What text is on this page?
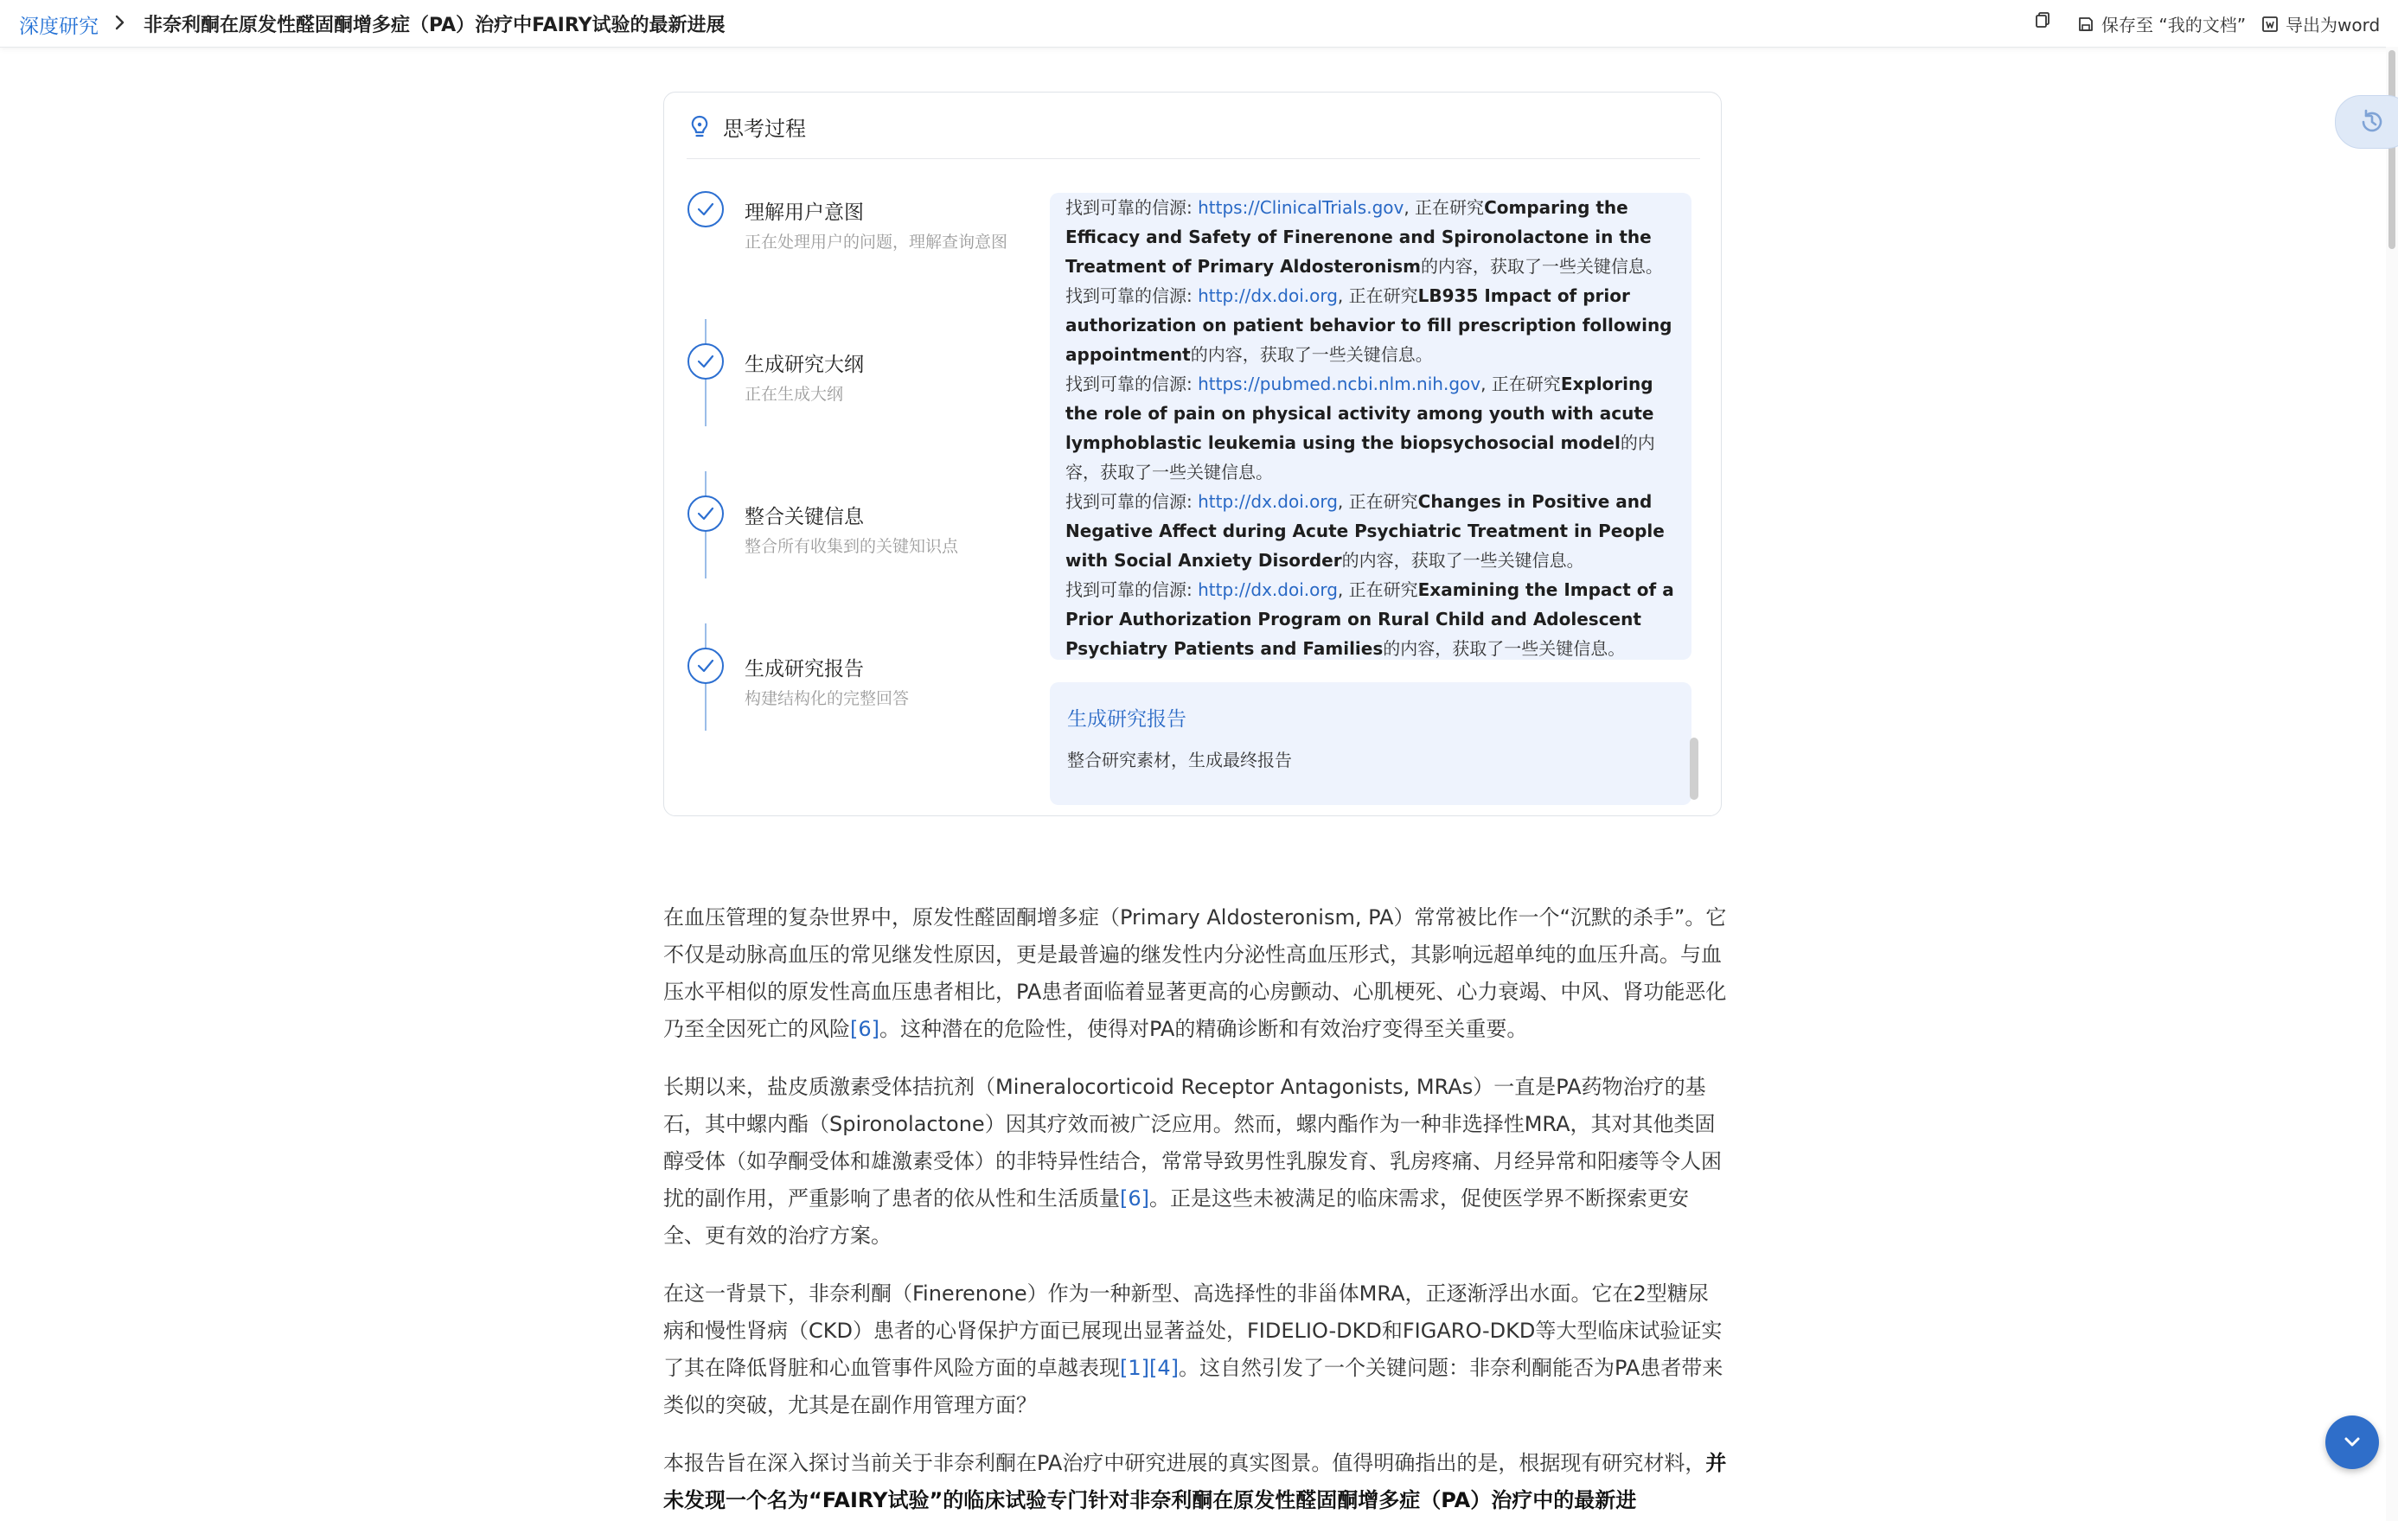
深度研究 非奈利酮在原发性醛固酮增多症（PA）治疗中FAIRY试验的最新进展	保存至 “我的文档” 导出为word
思考过程
理解用户意图
正在处理用户的问题，理解查询意图
生成研究大纲
正在生成大纲
整合关键信息
整合所有收集到的关键知识点
生成研究报告
构建结构化的完整回答
找到可靠的信源: https://ClinicalTrials.gov, 正在研究Comparing the Efficacy and Safety of Finerenone and Spironolactone in the Treatment of Primary Aldosteronism的内容，获取了一些关键信息。
找到可靠的信源: http://dx.doi.org, 正在研究LB935 Impact of prior authorization on patient behavior to fill prescription following appointment的内容，获取了一些关键信息。
找到可靠的信源: https://pubmed.ncbi.nlm.nih.gov, 正在研究Exploring the role of pain on physical activity among youth with acute lymphoblastic leukemia using the biopsychosocial model的内容，获取了一些关键信息。
找到可靠的信源: http://dx.doi.org, 正在研究Changes in Positive and Negative Affect during Acute Psychiatric Treatment in People with Social Anxiety Disorder的内容，获取了一些关键信息。
找到可靠的信源: http://dx.doi.org, 正在研究Examining the Impact of a Prior Authorization Program on Rural Child and Adolescent Psychiatry Patients and Families的内容，获取了一些关键信息。
生成研究报告
整合研究素材，生成最终报告

在血压管理的复杂世界中，原发性醛固酮增多症（Primary Aldosteronism, PA）常常被比作一个“沉默的杀手”。它不仅是动脉高血压的常见继发性原因，更是最普遍的继发性内分泌性高血压形式，其影响远超单纯的血压升高。与血压水平相似的原发性高血压患者相比，PA患者面临着显著更高的心房颤动、心肌梗死、心力衰竭、中风、肾功能恶化乃至全因死亡的风险[6]。这种潜在的危险性，使得对PA的精确诊断和有效治疗变得至关重要。

长期以来，盐皮质激素受体拮抗剂（Mineralocorticoid Receptor Antagonists, MRAs）一直是PA药物治疗的基石，其中螺内酯（Spironolactone）因其疗效而被广泛应用。然而，螺内酯作为一种非选择性MRA，其对其他类固醇受体（如孕酮受体和雄激素受体）的非特异性结合，常常导致男性乳腺发育、乳房疼痛、月经异常和阳痿等令人困扰的副作用，严重影响了患者的依从性和生活质量[6]。正是这些未被满足的临床需求，促使医学界不断探索更安全、更有效的治疗方案。

在这一背景下，非奈利酮（Finerenone）作为一种新型、高选择性的非甾体MRA，正逐渐浮出水面。它在2型糖尿病和慢性肾病（CKD）患者的心肾保护方面已展现出显著益处，FIDELIO-DKD和FIGARO-DKD等大型临床试验证实了其在降低肾脏和心血管事件风险方面的卓越表现[1][4]。这自然引发了一个关键问题：非奈利酮能否为PA患者带来类似的突破，尤其是在副作用管理方面？

本报告旨在深入探讨当前关于非奈利酮在PA治疗中研究进展的真实图景。值得明确指出的是，根据现有研究材料，并未发现一个名为“FAIRY试验”的临床试验专门针对非奈利酮在原发性醛固酮增多症（PA）治疗中的最新进
